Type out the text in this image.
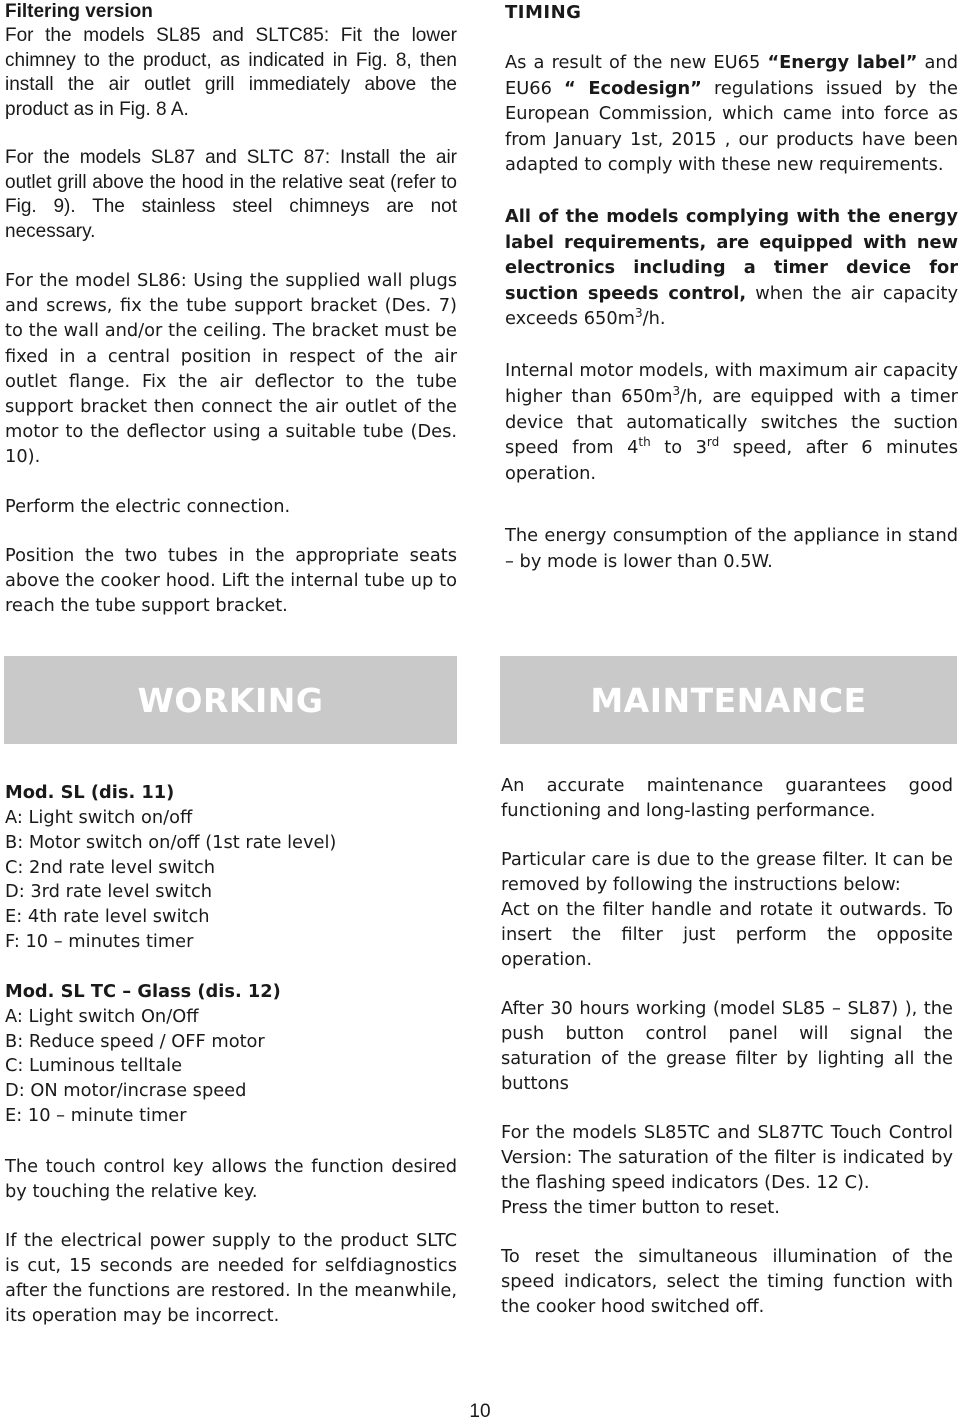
Filtering version

For the models SL85 and SLTC85: Fit the lower chimney to the product, as indicated in Fig. 8, then install the air outlet grill immediately above the product as in Fig. 8 A.

For the models SL87 and SLTC 87: Install the air outlet grill above the hood in the relative seat (refer to Fig. 9). The stainless steel chimneys are not necessary.

For the model SL86: Using the supplied wall plugs and screws, fix the tube support bracket (Des. 7) to the wall and/or the ceiling. The bracket must be fixed in a central position in respect of the air outlet flange. Fix the air deflector to the tube support bracket then connect the air outlet of the motor to the deflector using a suitable tube (Des. 10).

Perform the electric connection.

Position the two tubes in the appropriate seats above the cooker hood. Lift the internal tube up to reach the tube support bracket.

TIMING

As a result of the new EU65 “Energy label” and EU66 “ Ecodesign” regulations issued by the European Commission, which came into force as from January 1st, 2015 , our products have been adapted to comply with these new requirements.

All of the models complying with the energy label requirements, are equipped with new electronics including a timer device for suction speeds control, when the air capacity exceeds $650m^3/h$.

Internal motor models, with maximum air capacity higher than $650m^3/h$, are equipped with a timer device that automatically switches the suction speed from 4th to 3rd speed, after 6 minutes operation.

The energy consumption of the appliance in stand – by mode is lower than 0.5W.

WORKING	MAINTENANCE

Mod. SL (dis. 11)

A: Light switch on/off

B: Motor switch on/off (1st rate level)

C: 2nd rate level switch

D: 3rd rate level switch

E: 4th rate level switch

F: 10 – minutes timer

Mod. SL TC – Glass (dis. 12)

A: Light switch On/Off

B: Reduce speed / OFF motor

C: Luminous telltale

D: ON motor/incrase speed

E: 10 – minute timer

The touch control key allows the function desired by touching the relative key.

If the electrical power supply to the product SLTC is cut, 15 seconds are needed for selfdiagnostics after the functions are restored. In the meanwhile, its operation may be incorrect.

An accurate maintenance guarantees good functioning and long-lasting performance.

Particular care is due to the grease filter. It can be removed by following the instructions below:

Act on the filter handle and rotate it outwards. To insert the filter just perform the opposite operation.

After 30 hours working (model SL85 – SL87) ), the push button control panel will signal the saturation of the grease filter by lighting all the buttons

For the models SL85TC and SL87TC Touch Control Version: The saturation of the filter is indicated by the flashing speed indicators (Des. 12 C).

Press the timer button to reset.

To reset the simultaneous illumination of the speed indicators, select the timing function with the cooker hood switched off.

10
